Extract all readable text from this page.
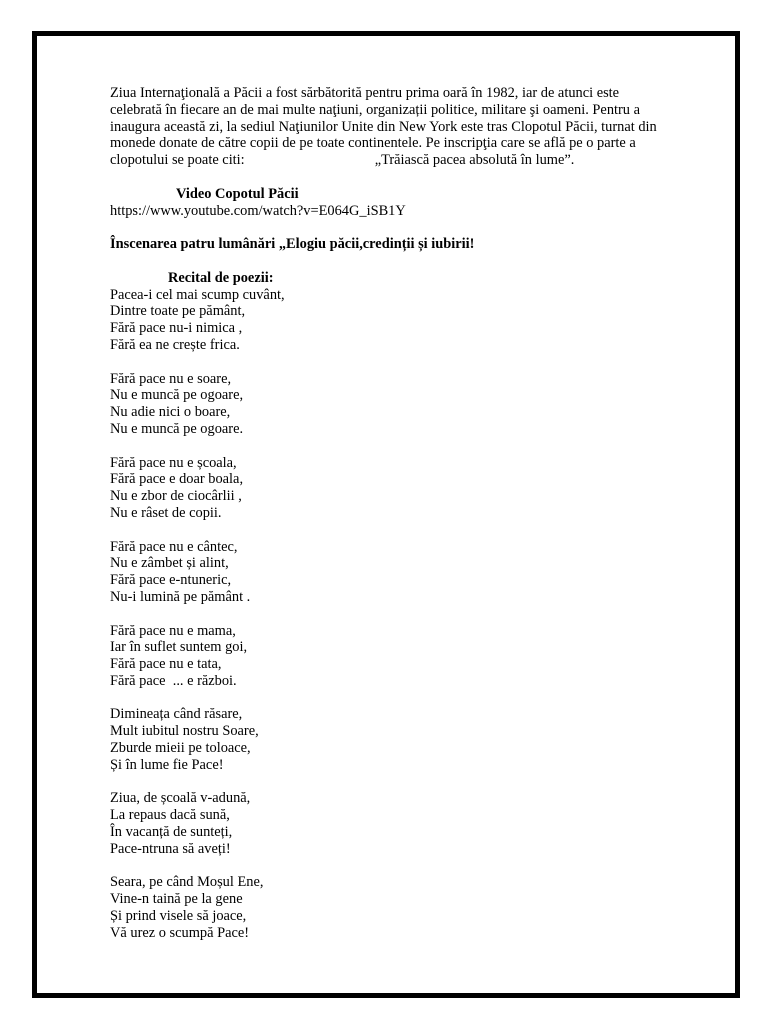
Ziua Internaţională a Păcii a fost sărbătorită pentru prima oară în 1982, iar de atunci este

celebrată în fiecare an de mai multe naţiuni, organizații politice, militare şi oameni. Pentru a

inaugura această zi, la sediul Naţiunilor Unite din New York este tras Clopotul Păcii, turnat din

monede donate de către copii de pe toate continentele. Pe inscripţia care se află pe o parte a

clopotului se poate citi:	„Trăiască pacea absolută în lume”.

Video Copotul Păcii
https://www.youtube.com/watch?v=E064G_iSB1Y
Înscenarea patru lumânări „Elogiu păcii,credinții și iubirii!
Recital de poezii:
Pacea-i cel mai scump cuvânt,
Dintre toate pe pământ,
Fără pace nu-i nimica ,
Fără ea ne crește frica.
Fără pace nu e soare,
Nu e muncă pe ogoare,
Nu adie nici o boare,
Nu e muncă pe ogoare.
Fără pace nu e școala,
Fără pace e doar boala,
Nu e zbor de ciocârlii ,
Nu e râset de copii.
Fără pace nu e cântec,
Nu e zâmbet și alint,
Fără pace e-ntuneric,
Nu-i lumină pe pământ .
Fără pace nu e mama,
Iar în suflet suntem goi,
Fără pace nu e tata,
Fără pace  ... e război.
Dimineața când răsare,
Mult iubitul nostru Soare,
Zburde mieii pe toloace,
Și în lume fie Pace!
Ziua, de școală v-adună,
La repaus dacă sună,
În vacanță de sunteți,
Pace-ntruna să aveți!
Seara, pe când Moșul Ene,
Vine-n taină pe la gene
Și prind visele să joace,
Vă urez o scumpă Pace!
